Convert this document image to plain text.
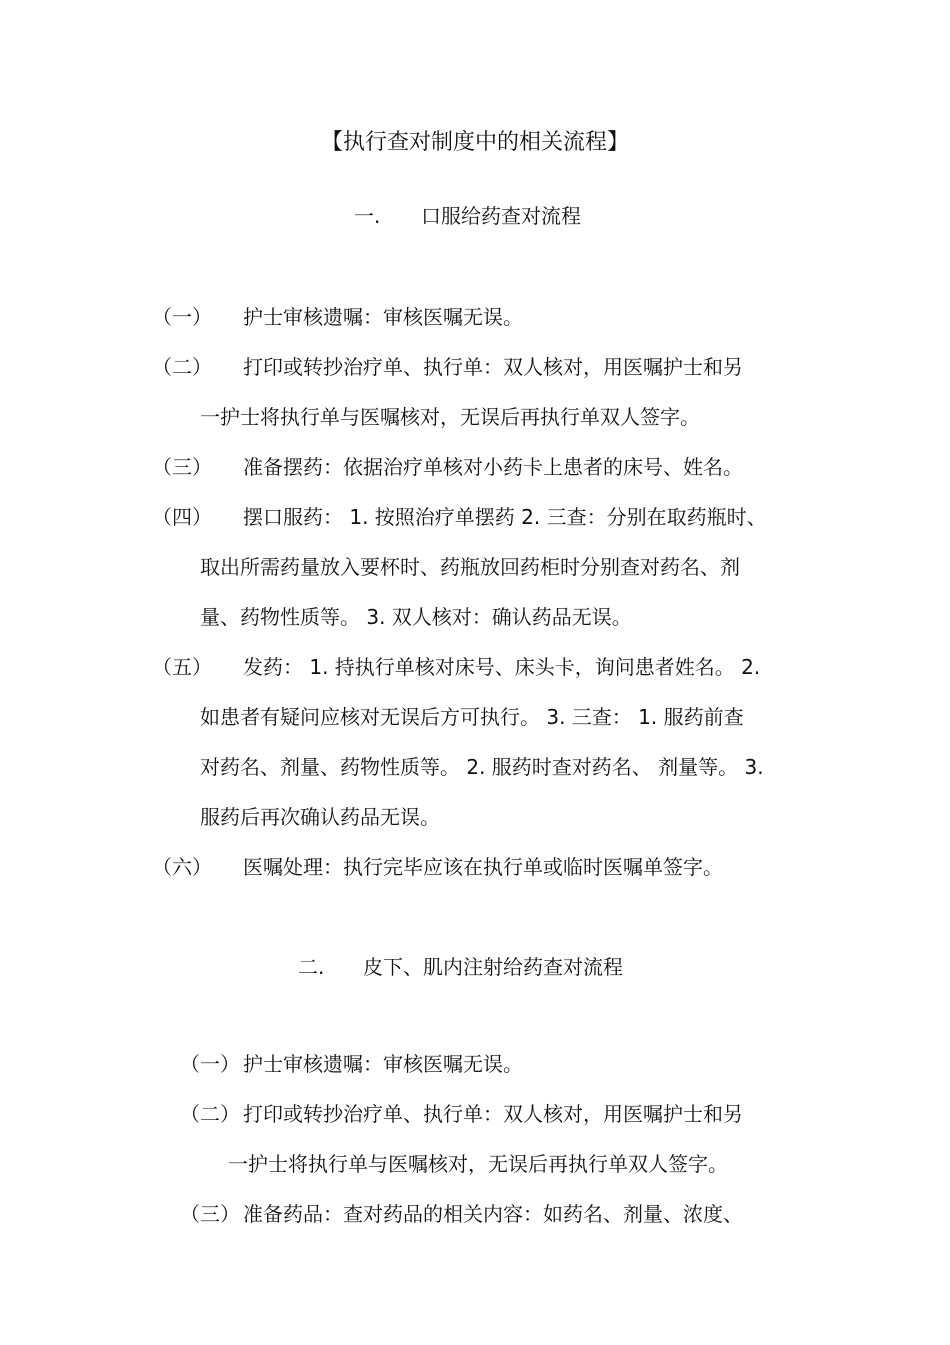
【执行查对制度中的相关流程】
一. 口服给药查对流程
（一） 护士审核遗嘱：审核医嘱无误。
（二） 打印或转抄治疗单、执行单：双人核对，用医嘱护士和另
一护士将执行单与医嘱核对，无误后再执行单双人签字。
（三） 准备摆药：依据治疗单核对小药卡上患者的床号、姓名。
（四） 摆口服药： 1. 按照治疗单摆药 2. 三查：分别在取药瓶时、
取出所需药量放入要杯时、药瓶放回药柜时分别查对药名、剂
量、药物性质等。 3. 双人核对：确认药品无误。
（五） 发药： 1. 持执行单核对床号、床头卡，询问患者姓名。 2.
如患者有疑问应核对无误后方可执行。 3. 三查： 1. 服药前查
对药名、剂量、药物性质等。 2. 服药时查对药名、 剂量等。 3.
服药后再次确认药品无误。
（六） 医嘱处理：执行完毕应该在执行单或临时医嘱单签字。
二. 皮下、肌内注射给药查对流程
（一） 护士审核遗嘱：审核医嘱无误。
（二） 打印或转抄治疗单、执行单：双人核对，用医嘱护士和另
一护士将执行单与医嘱核对，无误后再执行单双人签字。
（三） 准备药品：查对药品的相关内容：如药名、剂量、浓度、
